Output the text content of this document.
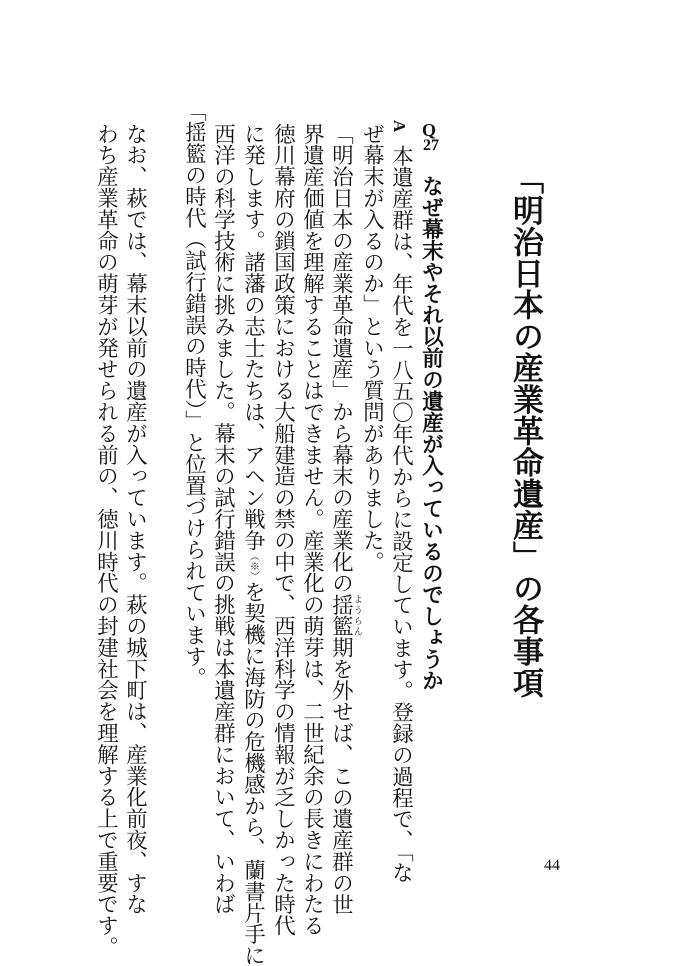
「明治日本の産業革命遺産」の各事項
Q
27
なぜ幕末やそれ以前の遺産が入っているのでしょうか
A
本遺産群は、年代を一八五〇年代からに設定しています。登録の過程で、「な
ぜ幕末が入るのか」という質問がありました。
「明治日本の産業革命遺産」から幕末の産業化の揺籃ようらん期を外せば、この遺産群の世
界遺産価値を理解することはできません。産業化の萌芽は、二世紀余の長きにわたる
徳川幕府の鎖国政策における大船建造の禁の中で、西洋科学の情報が乏しかった時代
に発します。諸藩の志士たちは、アヘン戦争（※）を契機に海防の危機感から、蘭書片手に
西洋の科学技術に挑みました。幕末の試行錯誤の挑戦は本遺産群において、いわば
「揺籃の時代（試行錯誤の時代）」と位置づけられています。
なお、萩では、幕末以前の遺産が入っています。萩の城下町は、産業化前夜、すな
わち産業革命の萌芽が発せられる前の、徳川時代の封建社会を理解する上で重要です。	44
